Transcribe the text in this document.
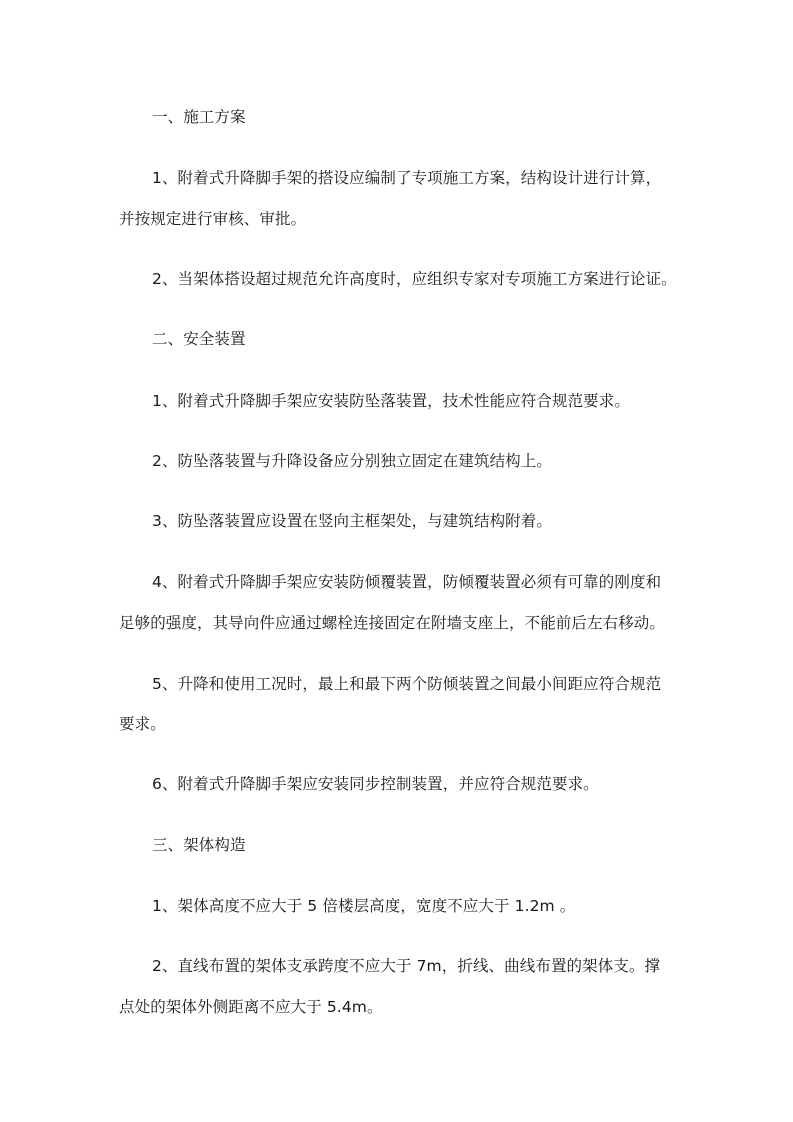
一、施工方案
1、附着式升降脚手架的搭设应编制了专项施工方案，结构设计进行计算，
并按规定进行审核、审批。
2、当架体搭设超过规范允许高度时，应组织专家对专项施工方案进行论证。
二、安全装置
1、附着式升降脚手架应安装防坠落装置，技术性能应符合规范要求。
2、防坠落装置与升降设备应分别独立固定在建筑结构上。
3、防坠落装置应设置在竖向主框架处，与建筑结构附着。
4、附着式升降脚手架应安装防倾覆装置，防倾覆装置必须有可靠的刚度和
足够的强度，其导向件应通过螺栓连接固定在附墙支座上，不能前后左右移动。
5、升降和使用工况时，最上和最下两个防倾装置之间最小间距应符合规范
要求。
6、附着式升降脚手架应安装同步控制装置，并应符合规范要求。
三、架体构造
1、架体高度不应大于 5 倍楼层高度，宽度不应大于 1.2m 。
2、直线布置的架体支承跨度不应大于 7m，折线、曲线布置的架体支。撑
点处的架体外侧距离不应大于 5.4m。
